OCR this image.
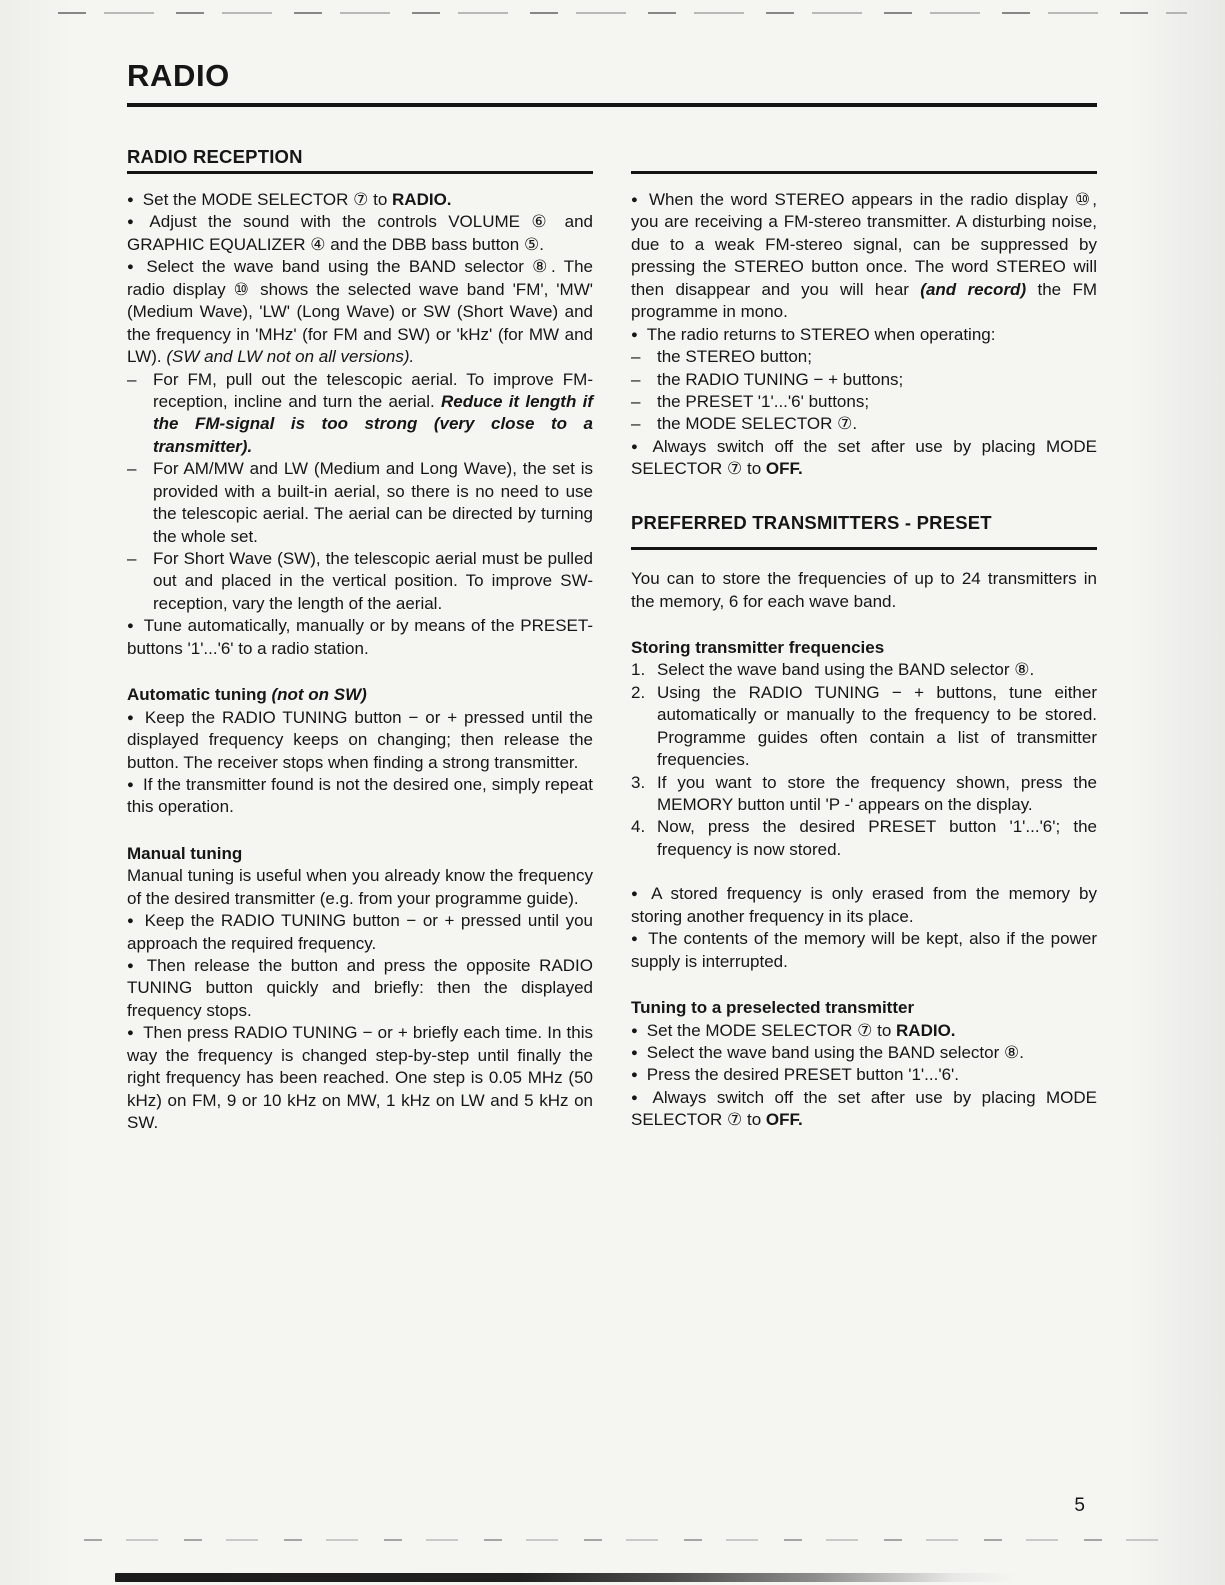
RADIO
RADIO RECEPTION
● Set the MODE SELECTOR ⑦ to RADIO.
● Adjust the sound with the controls VOLUME ⑥ and GRAPHIC EQUALIZER ④ and the DBB bass button ⑤.
● Select the wave band using the BAND selector ⑧. The radio display ⑩ shows the selected wave band 'FM', 'MW' (Medium Wave), 'LW' (Long Wave) or SW (Short Wave) and the frequency in 'MHz' (for FM and SW) or 'kHz' (for MW and LW). (SW and LW not on all versions).
– For FM, pull out the telescopic aerial. To improve FM-reception, incline and turn the aerial. Reduce it length if the FM-signal is too strong (very close to a transmitter).
– For AM/MW and LW (Medium and Long Wave), the set is provided with a built-in aerial, so there is no need to use the telescopic aerial. The aerial can be directed by turning the whole set.
– For Short Wave (SW), the telescopic aerial must be pulled out and placed in the vertical position. To improve SW-reception, vary the length of the aerial.
● Tune automatically, manually or by means of the PRESET-buttons '1'...'6' to a radio station.
Automatic tuning (not on SW)
● Keep the RADIO TUNING button − or + pressed until the displayed frequency keeps on changing; then release the button. The receiver stops when finding a strong transmitter.
● If the transmitter found is not the desired one, simply repeat this operation.
Manual tuning
Manual tuning is useful when you already know the frequency of the desired transmitter (e.g. from your programme guide).
● Keep the RADIO TUNING button − or + pressed until you approach the required frequency.
● Then release the button and press the opposite RADIO TUNING button quickly and briefly: then the displayed frequency stops.
● Then press RADIO TUNING − or + briefly each time. In this way the frequency is changed step-by-step until finally the right frequency has been reached. One step is 0.05 MHz (50 kHz) on FM, 9 or 10 kHz on MW, 1 kHz on LW and 5 kHz on SW.
● When the word STEREO appears in the radio display ⑩, you are receiving a FM-stereo transmitter. A disturbing noise, due to a weak FM-stereo signal, can be suppressed by pressing the STEREO button once. The word STEREO will then disappear and you will hear (and record) the FM programme in mono.
● The radio returns to STEREO when operating:
– the STEREO button;
– the RADIO TUNING − + buttons;
– the PRESET '1'...'6' buttons;
– the MODE SELECTOR ⑦.
● Always switch off the set after use by placing MODE SELECTOR ⑦ to OFF.
PREFERRED TRANSMITTERS - PRESET
You can to store the frequencies of up to 24 transmitters in the memory, 6 for each wave band.
Storing transmitter frequencies
1. Select the wave band using the BAND selector ⑧.
2. Using the RADIO TUNING − + buttons, tune either automatically or manually to the frequency to be stored. Programme guides often contain a list of transmitter frequencies.
3. If you want to store the frequency shown, press the MEMORY button until 'P -' appears on the display.
4. Now, press the desired PRESET button '1'...'6'; the frequency is now stored.
● A stored frequency is only erased from the memory by storing another frequency in its place.
● The contents of the memory will be kept, also if the power supply is interrupted.
Tuning to a preselected transmitter
● Set the MODE SELECTOR ⑦ to RADIO.
● Select the wave band using the BAND selector ⑧.
● Press the desired PRESET button '1'...'6'.
● Always switch off the set after use by placing MODE SELECTOR ⑦ to OFF.
5
